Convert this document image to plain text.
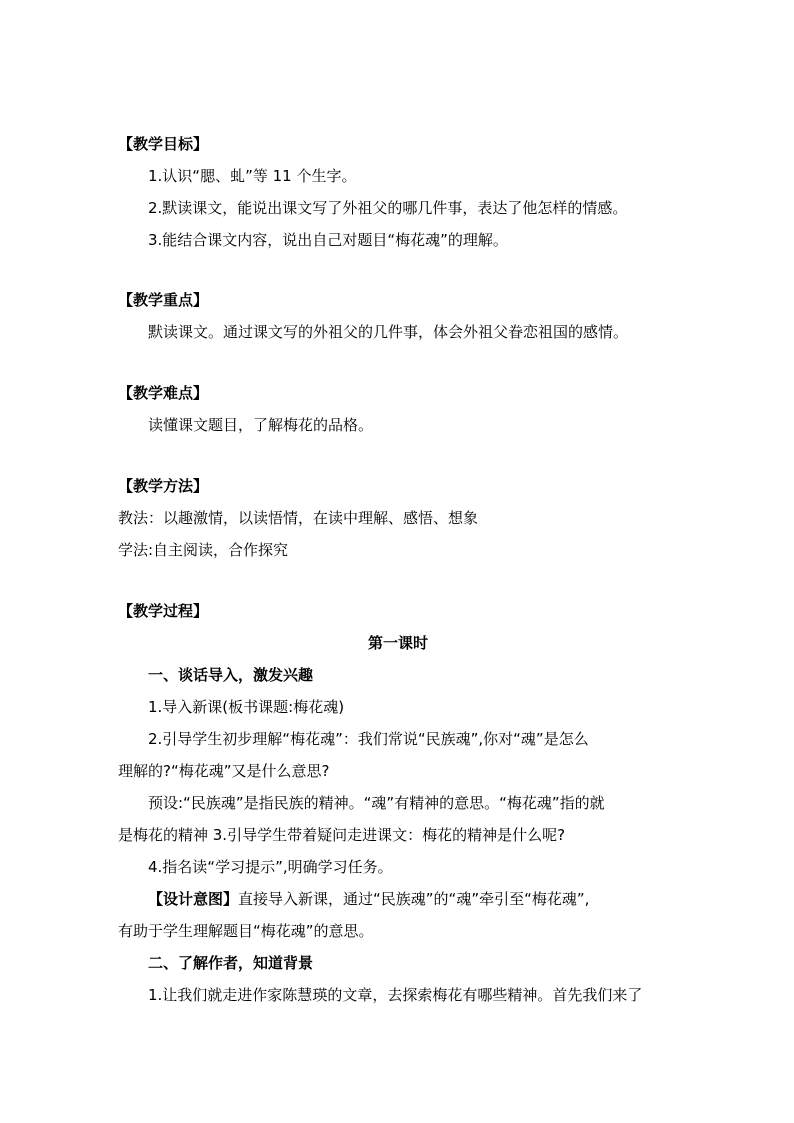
【教学目标】
1.认识“腮、虬”等 11 个生字。
2.默读课文，能说出课文写了外祖父的哪几件事，表达了他怎样的情感。
3.能结合课文内容，说出自己对题目“梅花魂”的理解。
【教学重点】
默读课文。通过课文写的外祖父的几件事，体会外祖父眷恋祖国的感情。
【教学难点】
读懂课文题目，了解梅花的品格。
【教学方法】
教法：以趣激情，以读悟情，在读中理解、感悟、想象
学法:自主阅读，合作探究
【教学过程】
第一课时
一、谈话导入，激发兴趣
1.导入新课(板书课题:梅花魂)
2.引导学生初步理解“梅花魂”：我们常说“民族魂”,你对“魂”是怎么
理解的?“梅花魂”又是什么意思?
预设:“民族魂”是指民族的精神。“魂”有精神的意思。“梅花魂”指的就
是梅花的精神 3.引导学生带着疑问走进课文：梅花的精神是什么呢?
4.指名读“学习提示”,明确学习任务。
【设计意图】直接导入新课，通过“民族魂”的“魂”牵引至“梅花魂”,
有助于学生理解题目“梅花魂”的意思。
二、了解作者，知道背景
1.让我们就走进作家陈慧瑛的文章，去探索梅花有哪些精神。首先我们来了
